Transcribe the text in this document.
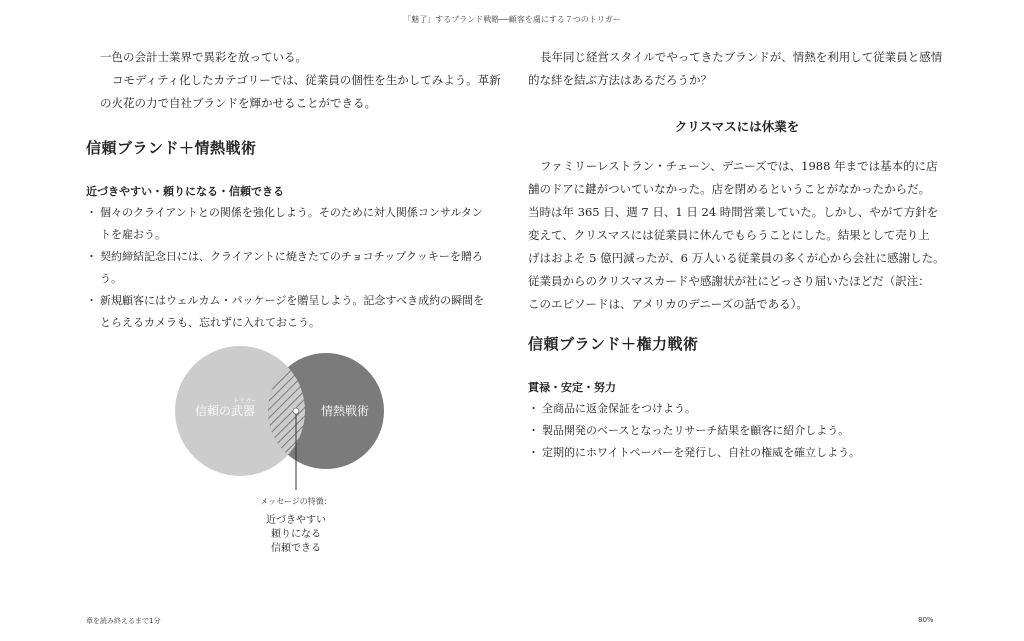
「魅了」するブランド戦略──顧客を虜にする７つのトリガー

一色の会計士業界で異彩を放っている。

コモディティ化したカテゴリーでは、従業員の個性を生かしてみよう。革新

の火花の力で自社ブランドを輝かせることができる。

信頼ブランド＋情熱戦術
近づきやすい・頼りになる・信頼できる
・ 個々のクライアントとの関係を強化しよう。そのために対人関係コンサルタン
トを雇おう。
・ 契約締結記念日には、クライアントに焼きたてのチョコチップクッキーを贈ろ
う。
・ 新規顧客にはウェルカム・パッケージを贈呈しよう。記念すべき成約の瞬間を
とらえるカメラも、忘れずに入れておこう。
トリガー
信頼の武器	情熱戦術
メッセージの特徴：
近づきやすい
頼りになる
信頼できる

長年同じ経営スタイルでやってきたブランドが、情熱を利用して従業員と感情

的な絆を結ぶ方法はあるだろうか？

クリスマスには休業を

ファミリーレストラン・チェーン、デニーズでは、1988 年までは基本的に店

舗のドアに鍵がついていなかった。店を閉めるということがなかったからだ。

当時は年 365 日、週 7 日、1 日 24 時間営業していた。しかし、やがて方針を

変えて、クリスマスには従業員に休んでもらうことにした。結果として売り上

げはおよそ 5 億円減ったが、6 万人いる従業員の多くが心から会社に感謝した。

従業員からのクリスマスカードや感謝状が社にどっさり届いたほどだ（訳注：

このエピソードは、アメリカのデニーズの話である）。

信頼ブランド＋権力戦術
貫禄・安定・努力
・ 全商品に返金保証をつけよう。
・ 製品開発のベースとなったリサーチ結果を顧客に紹介しよう。
・ 定期的にホワイトペーパーを発行し、自社の権威を確立しよう。
章を読み終えるまで1分	80%
